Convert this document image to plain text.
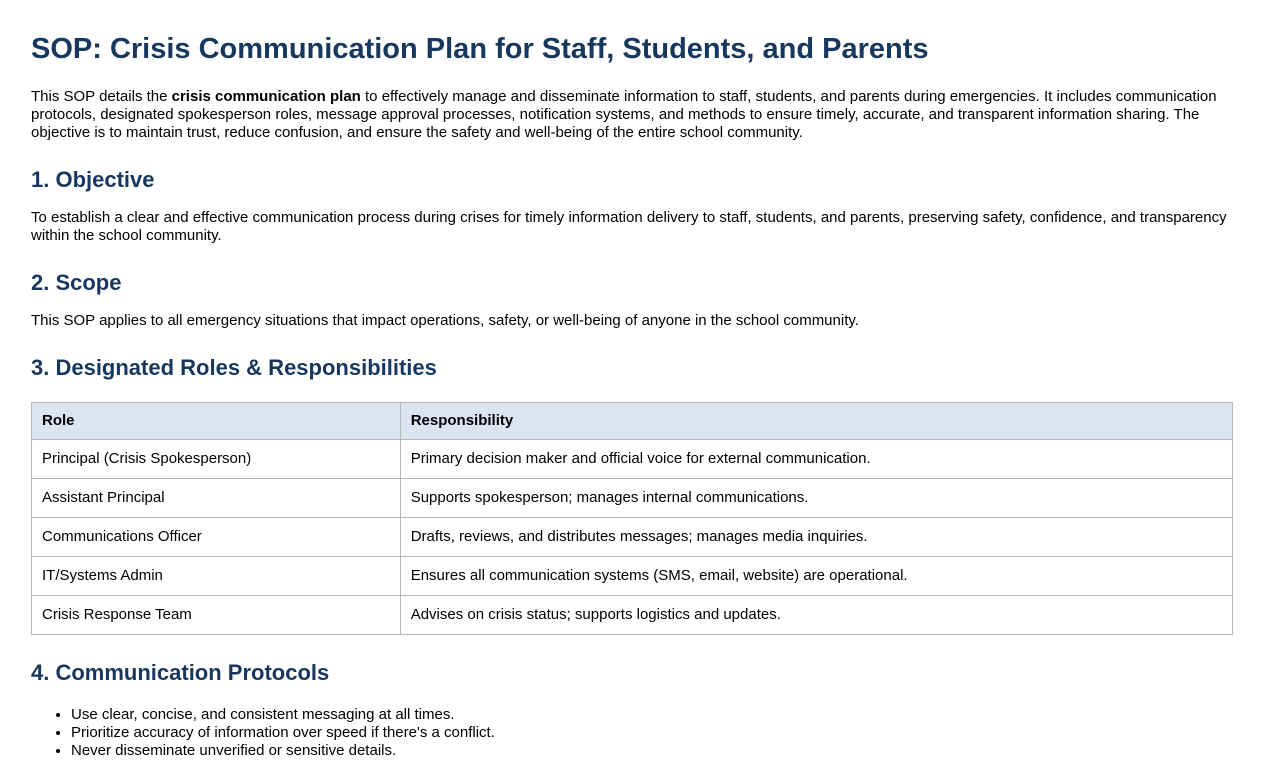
SOP: Crisis Communication Plan for Staff, Students, and Parents

This SOP details the crisis communication plan to effectively manage and disseminate information to staff, students, and parents during emergencies. It includes communication protocols, designated spokesperson roles, message approval processes, notification systems, and methods to ensure timely, accurate, and transparent information sharing. The objective is to maintain trust, reduce confusion, and ensure the safety and well-being of the entire school community.

1. Objective

To establish a clear and effective communication process during crises for timely information delivery to staff, students, and parents, preserving safety, confidence, and transparency within the school community.

2. Scope

This SOP applies to all emergency situations that impact operations, safety, or well-being of anyone in the school community.

3. Designated Roles & Responsibilities
Role	Responsibility
Principal (Crisis Spokesperson)	Primary decision maker and official voice for external communication.
Assistant Principal	Supports spokesperson; manages internal communications.
Communications Officer	Drafts, reviews, and distributes messages; manages media inquiries.
IT/Systems Admin	Ensures all communication systems (SMS, email, website) are operational.
Crisis Response Team	Advises on crisis status; supports logistics and updates.
4. Communication Protocols
• Use clear, concise, and consistent messaging at all times.
• Prioritize accuracy of information over speed if there's a conflict.
• Never disseminate unverified or sensitive details.
